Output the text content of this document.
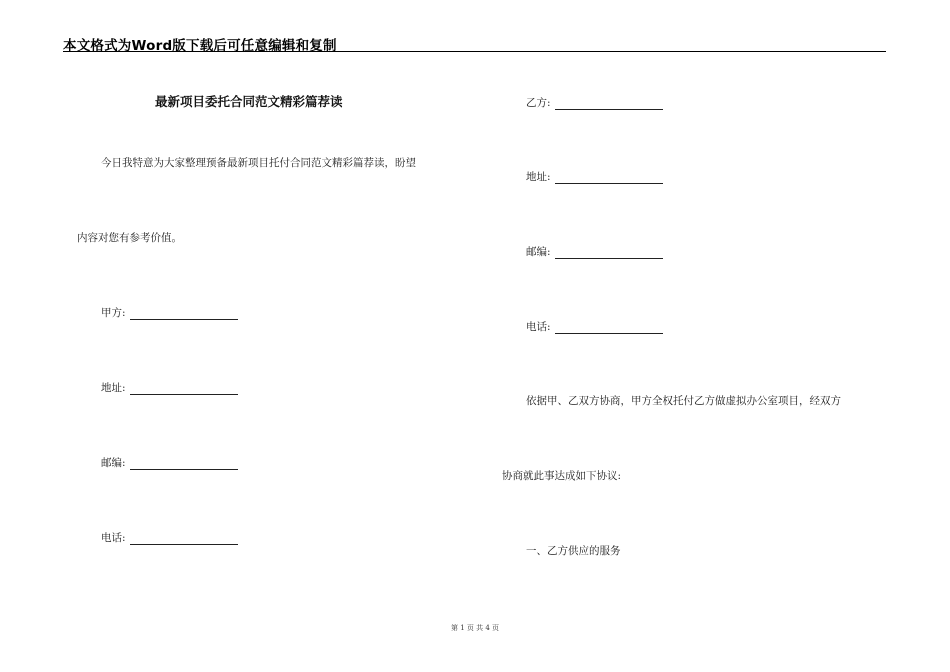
本文格式为Word版下载后可任意编辑和复制
最新项目委托合同范文精彩篇荐读
今日我特意为大家整理预备最新项目托付合同范文精彩篇荐读，盼望
内容对您有参考价值。
甲方:
地址:
邮编:
电话:
乙方:
地址:
邮编:
电话:
依据甲、乙双方协商，甲方全权托付乙方做虚拟办公室项目，经双方
协商就此事达成如下协议:
一、乙方供应的服务
第 1 页 共 4 页
